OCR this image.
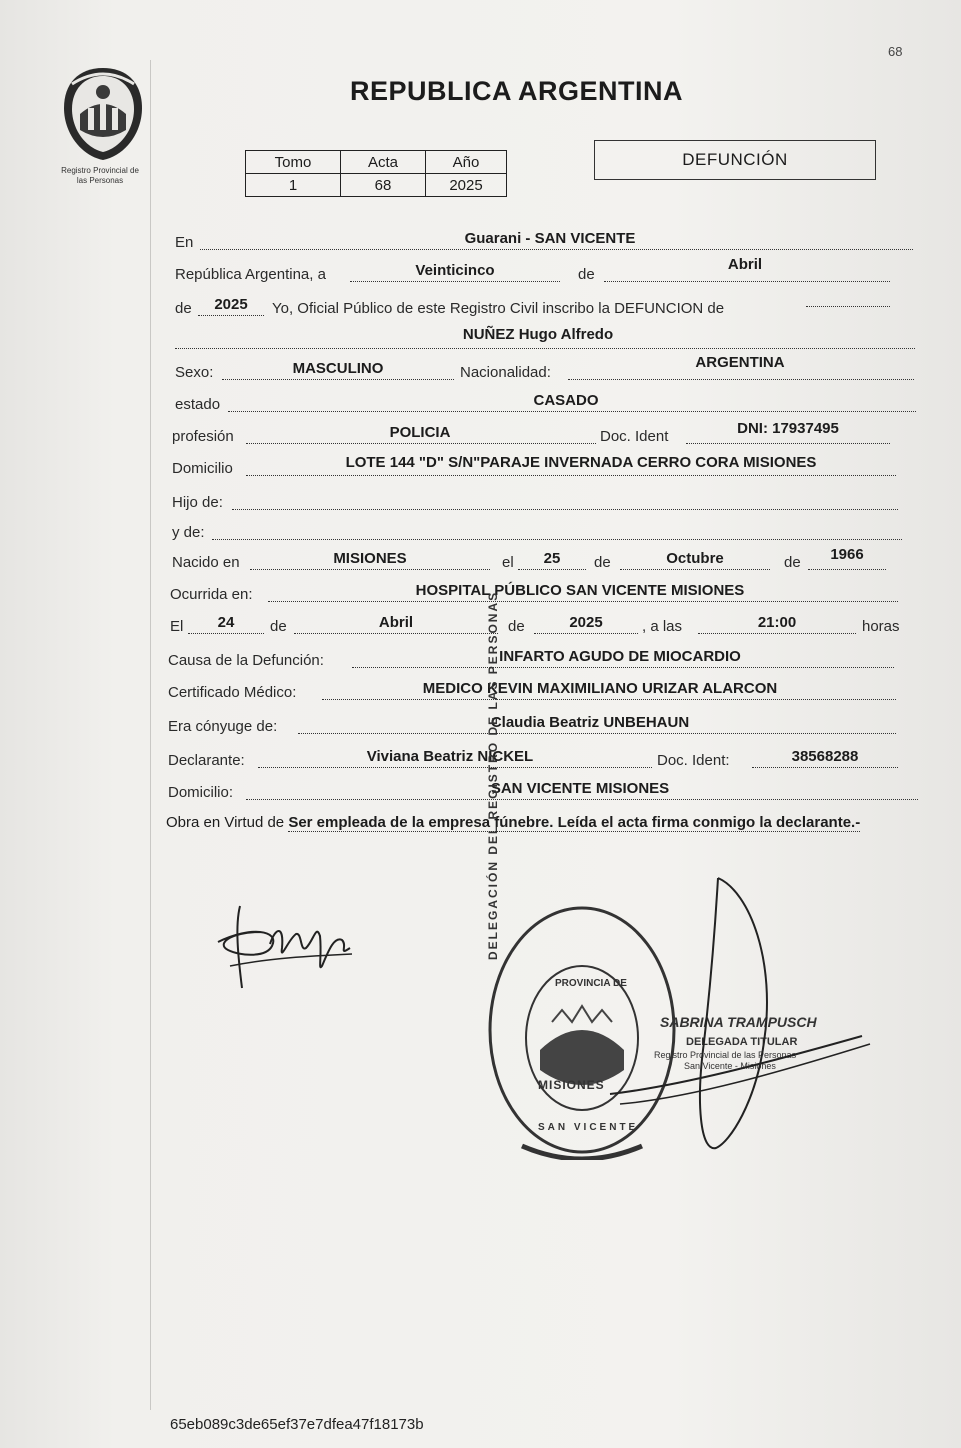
68
Registro Provincial de
las Personas
REPUBLICA ARGENTINA
Tomo	Acta	Año
1	68	2025
DEFUNCIÓN
En	Guarani - SAN VICENTE
República Argentina, a	Veinticinco	de
Abril
de	2025	Yo, Oficial Público de este Registro Civil inscribo la DEFUNCION de
NUÑEZ Hugo Alfredo
Sexo:	MASCULINO	Nacionalidad:
ARGENTINA
estado	CASADO
profesión	POLICIA	Doc. Ident	DNI: 17937495
Domicilio	LOTE 144 "D" S/N"PARAJE INVERNADA CERRO CORA MISIONES
Hijo de:
y de:
Nacido en	MISIONES	el	25	de	Octubre	de	1966
Ocurrida en:	HOSPITAL PÚBLICO SAN VICENTE MISIONES
El	24	de	Abril	de	2025	, a las	21:00	horas
Causa de la Defunción:	INFARTO AGUDO DE MIOCARDIO
Certificado Médico:	MEDICO KEVIN MAXIMILIANO URIZAR ALARCON
Era cónyuge de:	Claudia Beatriz UNBEHAUN
Declarante:	Viviana Beatriz NICKEL	Doc. Ident:	38568288
Domicilio:	SAN VICENTE MISIONES
Obra en Virtud de Ser empleada de la empresa fúnebre. Leída el acta firma conmigo la declarante.-
DELEGACIÓN DEL REGISTRO DE LAS PERSONAS
PROVINCIA DE
MISIONES
SAN VICENTE
SABRINA TRAMPUSCH
DELEGADA TITULAR
Registro Provincial de las Personas
San Vicente - Misiones
65eb089c3de65ef37e7dfea47f18173b
